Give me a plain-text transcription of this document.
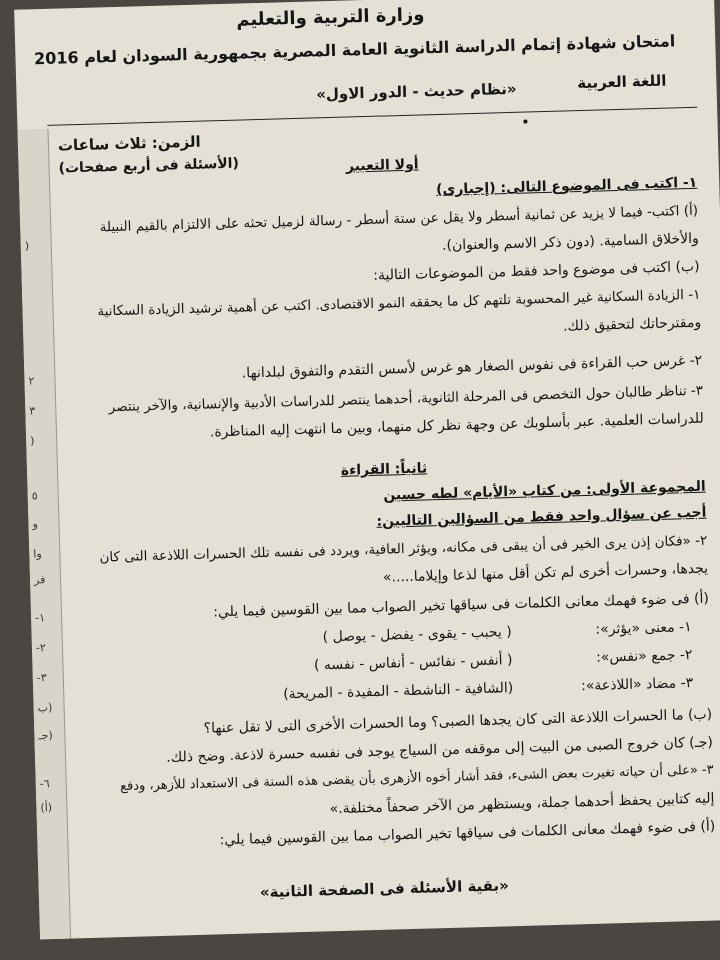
(
٢
٣
(
٥
و
وا
فر
١-
٢-
٣-
(ب
(جـ
٦-
(أ)
وزارة التربية والتعليم
امتحان شهادة إتمام الدراسة الثانوية العامة المصرية بجمهورية السودان لعام 2016
اللغة العربية
«نظام حديث - الدور الاول»
الزمن: ثلاث ساعات
(الأسئلة فى أربع صفحات)	أولا التعبير
١- اكتب فى الموضوع التالى: (إجبارى)
(أ) اكتب- فيما لا يزيد عن ثمانية أسطر ولا يقل عن ستة أسطر - رسالة لزميل تحثه على الالتزام بالقيم النبيلة
والأخلاق السامية. (دون ذكر الاسم والعنوان).
(ب) اكتب فى موضوع واحد فقط من الموضوعات التالية:
١- الزيادة السكانية غير المحسوبة تلتهم كل ما يحققه النمو الاقتصادى. اكتب عن أهمية ترشيد الزيادة السكانية
ومقترحاتك لتحقيق ذلك.
٢- غرس حب القراءة فى نفوس الصغار هو غرس لأسس التقدم والتفوق لبلدانها.
٣- تناظر طالبان حول التخصص فى المرحلة الثانوية، أحدهما ينتصر للدراسات الأدبية والإنسانية، والآخر ينتصر
للدراسات العلمية. عبر بأسلوبك عن وجهة نظر كل منهما، وبين ما انتهت إليه المناظرة.
ثانياً: القراءة
المجموعة الأولى: من كتاب «الأيام» لطه حسين
أجب عن سؤال واحد فقط من السؤالين التاليين:
٢- «فكان إذن يرى الخير فى أن يبقى فى مكانه، ويؤثر العافية، ويردد فى نفسه تلك الحسرات اللاذعة التى كان
يجدها، وحسرات أخرى لم تكن أقل منها لذعا وإيلاما.....»
(أ) فى ضوء فهمك معانى الكلمات فى سياقها تخير الصواب مما بين القوسين فيما يلي:
١- معنى «يؤثر»:
( يحبب - يقوى - يفضل - يوصل )
٢- جمع «نفس»:
( أنفس - نفائس - أنفاس - نفسه )
٣- مضاد «اللاذعة»:
(الشافية - الناشطة - المفيدة - المريحة)
(ب) ما الحسرات اللاذعة التى كان يجدها الصبى؟ وما الحسرات الأخرى التى لا تقل عنها؟
(جـ) كان خروج الصبى من البيت إلى موقفه من السياج يوجد فى نفسه حسرة لاذعة. وضح ذلك.
٣- «على أن حياته تغيرت بعض الشىء، فقد أشار أخوه الأزهرى بأن يقضى هذه السنة فى الاستعداد للأزهر، ودفع
إليه كتابين يحفظ أحدهما جملة، ويستظهر من الآخر صحفاً مختلفة.»
(أ) فى ضوء فهمك معانى الكلمات فى سياقها تخير الصواب مما بين القوسين فيما يلي:
«بقية الأسئلة فى الصفحة الثانية»
